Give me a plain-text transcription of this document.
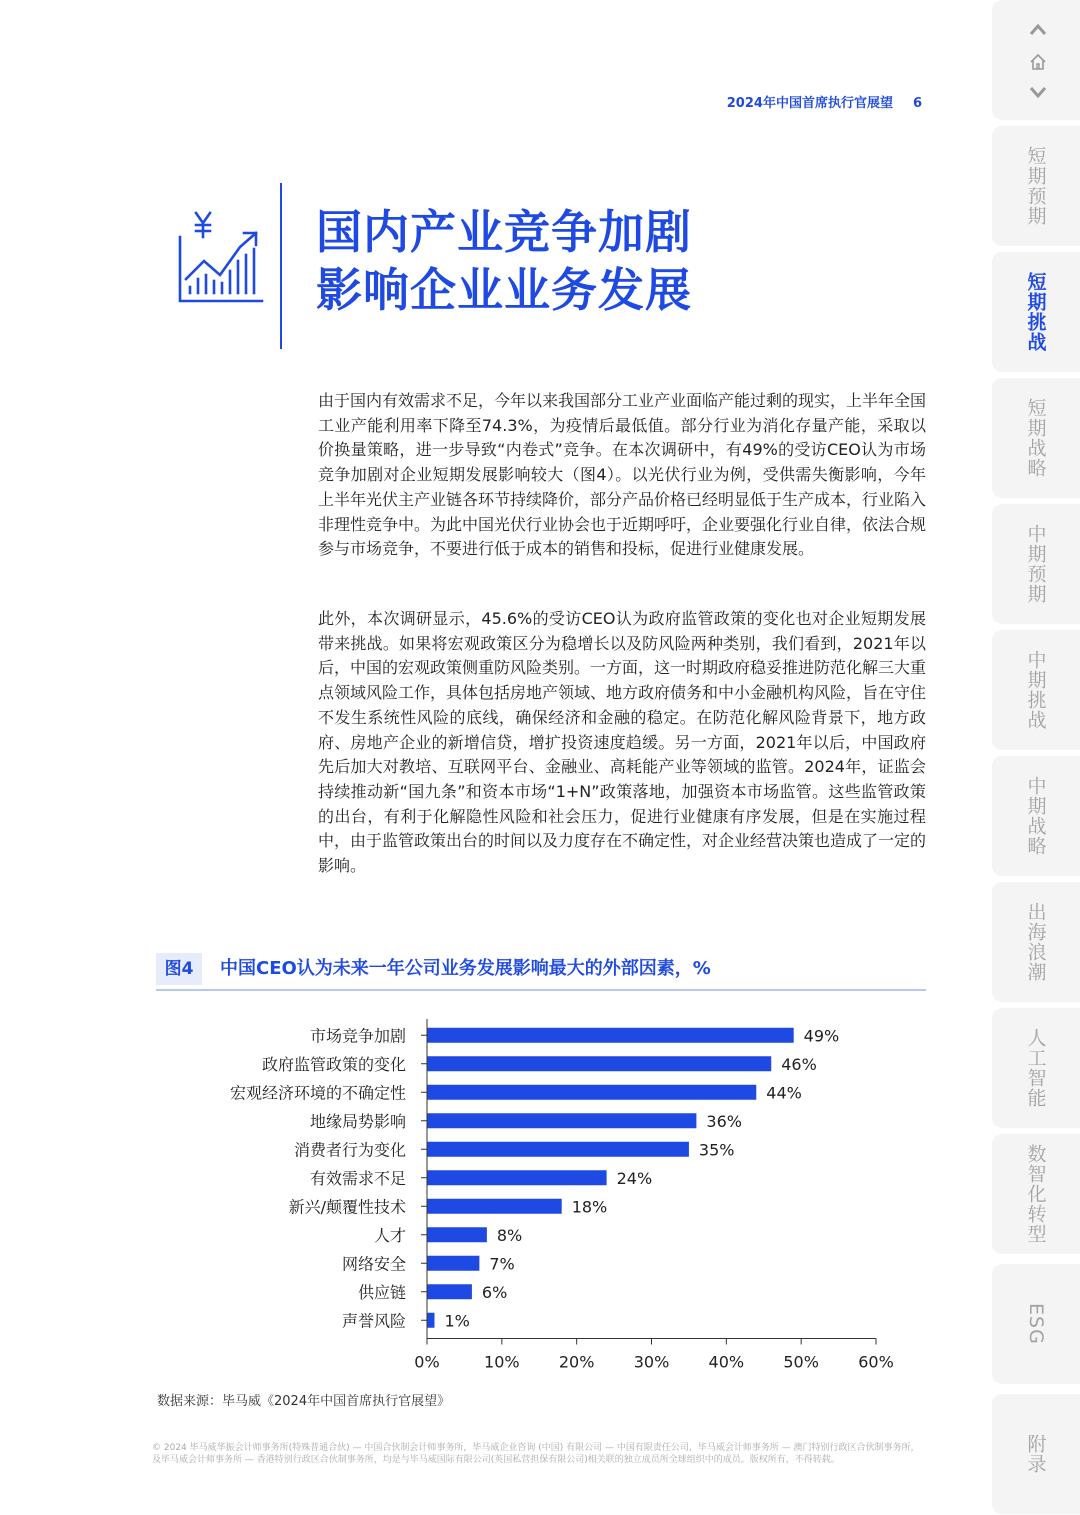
2024年中国首席执行官展望 6
国内产业竞争加剧
影响企业业务发展

由于国内有效需求不足，今年以来我国部分工业产业面临产能过剩的现实，上半年全国工业产能利用率下降至74.3%，为疫情后最低值。部分行业为消化存量产能，采取以价换量策略，进一步导致“内卷式”竞争。在本次调研中，有49%的受访CEO认为市场竞争加剧对企业短期发展影响较大（图4）。以光伏行业为例，受供需失衡影响，今年上半年光伏主产业链各环节持续降价，部分产品价格已经明显低于生产成本，行业陷入非理性竞争中。为此中国光伏行业协会也于近期呼吁，企业要强化行业自律，依法合规参与市场竞争，不要进行低于成本的销售和投标，促进行业健康发展。

此外，本次调研显示，45.6%的受访CEO认为政府监管政策的变化也对企业短期发展带来挑战。如果将宏观政策区分为稳增长以及防风险两种类别，我们看到，2021年以后，中国的宏观政策侧重防风险类别。一方面，这一时期政府稳妥推进防范化解三大重点领域风险工作，具体包括房地产领域、地方政府债务和中小金融机构风险，旨在守住不发生系统性风险的底线，确保经济和金融的稳定。在防范化解风险背景下，地方政府、房地产企业的新增信贷，增扩投资速度趋缓。另一方面，2021年以后，中国政府先后加大对教培、互联网平台、金融业、高耗能产业等领域的监管。2024年，证监会持续推动新“国九条”和资本市场“1+N”政策落地，加强资本市场监管。这些监管政策的出台，有利于化解隐性风险和社会压力，促进行业健康有序发展，但是在实施过程中，由于监管政策出台的时间以及力度存在不确定性，对企业经营决策也造成了一定的影响。

图4	中国CEO认为未来一年公司业务发展影响最大的外部因素，%
市场竞争加剧	49%
政府监管政策的变化	46%
宏观经济环境的不确定性	44%
地缘局势影响	36%
消费者行为变化	35%
有效需求不足	24%
新兴/颠覆性技术	18%
人才	8%
网络安全	7%
供应链	6%
声誉风险 1%
0%	10% 20% 30% 40% 50% 60%
数据来源：毕马威《2024年中国首席执行官展望》
© 2024 毕马威华振会计师事务所(特殊普通合伙) — 中国合伙制会计师事务所，毕马威企业咨询 (中国) 有限公司 — 中国有限责任公司，毕马威会计师事务所 — 澳门特别行政区合伙制事务所，及毕马威会计师事务所 — 香港特别行政区合伙制事务所，均是与毕马威国际有限公司(英国私营担保有限公司)相关联的独立成员所全球组织中的成员。版权所有，不得转载。
短期预期
短期挑战
短期战略
中期预期
中期挑战
中期战略
出海浪潮
人工智能
数智化转型
ESG
附录
